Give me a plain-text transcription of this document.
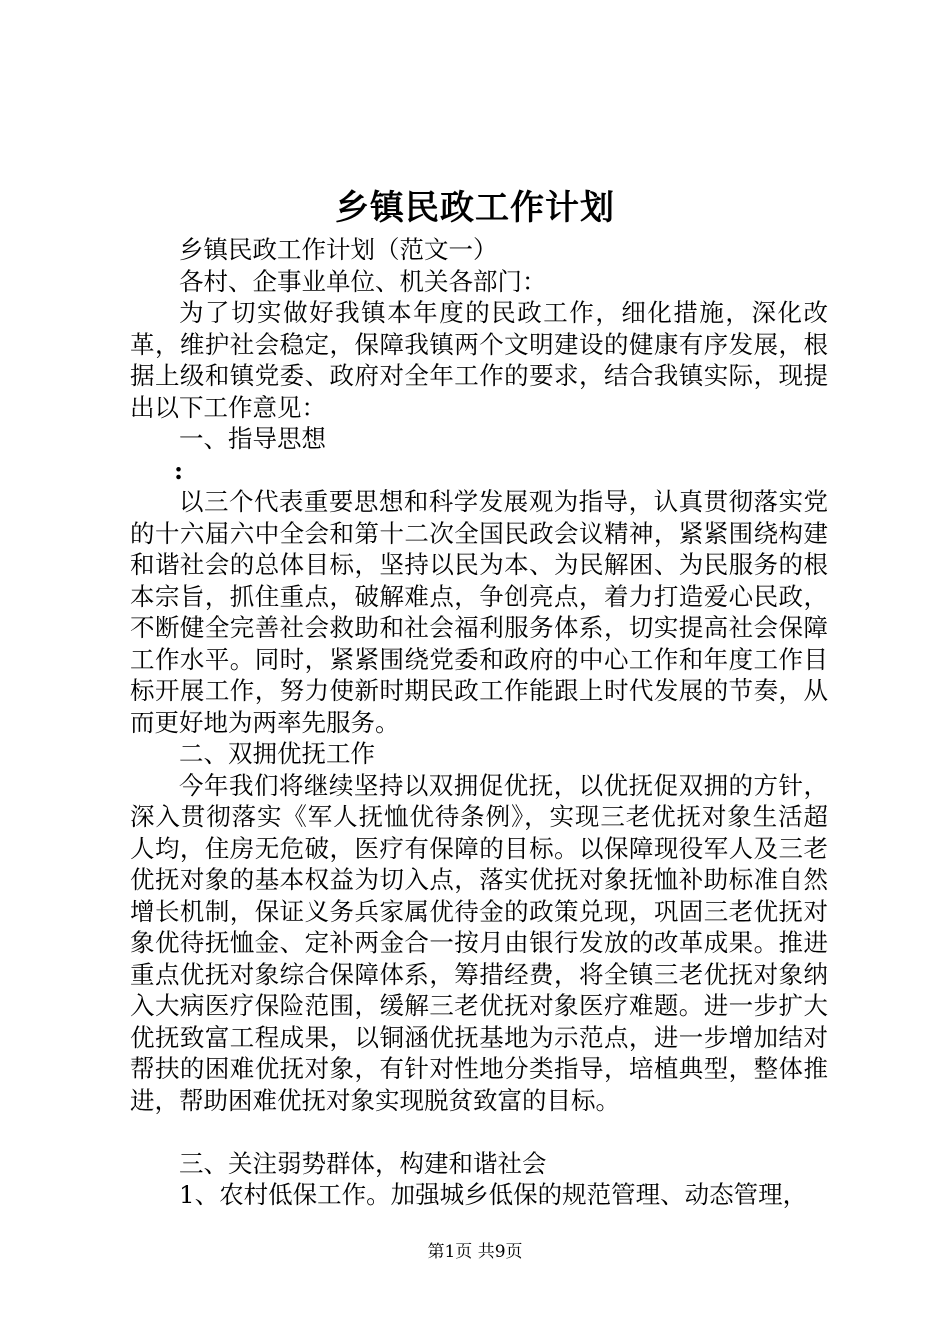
乡镇民政工作计划

乡镇民政工作计划（范文一）

各村、企事业单位、机关各部门：

为了切实做好我镇本年度的民政工作，细化措施，深化改革，维护社会稳定，保障我镇两个文明建设的健康有序发展，根据上级和镇党委、政府对全年工作的要求，结合我镇实际，现提出以下工作意见：

一、指导思想

:

以三个代表重要思想和科学发展观为指导，认真贯彻落实党的十六届六中全会和第十二次全国民政会议精神，紧紧围绕构建和谐社会的总体目标，坚持以民为本、为民解困、为民服务的根本宗旨，抓住重点，破解难点，争创亮点，着力打造爱心民政，不断健全完善社会救助和社会福利服务体系，切实提高社会保障工作水平。同时，紧紧围绕党委和政府的中心工作和年度工作目标开展工作，努力使新时期民政工作能跟上时代发展的节奏，从而更好地为两率先服务。

二、双拥优抚工作

今年我们将继续坚持以双拥促优抚，以优抚促双拥的方针，深入贯彻落实《军人抚恤优待条例》，实现三老优抚对象生活超人均，住房无危破，医疗有保障的目标。以保障现役军人及三老优抚对象的基本权益为切入点，落实优抚对象抚恤补助标准自然增长机制，保证义务兵家属优待金的政策兑现，巩固三老优抚对象优待抚恤金、定补两金合一按月由银行发放的改革成果。推进重点优抚对象综合保障体系，筹措经费，将全镇三老优抚对象纳入大病医疗保险范围，缓解三老优抚对象医疗难题。进一步扩大优抚致富工程成果，以铜涵优抚基地为示范点，进一步增加结对帮扶的困难优抚对象，有针对性地分类指导，培植典型，整体推进，帮助困难优抚对象实现脱贫致富的目标。

三、关注弱势群体，构建和谐社会

1、农村低保工作。加强城乡低保的规范管理、动态管理，

第1页 共9页
